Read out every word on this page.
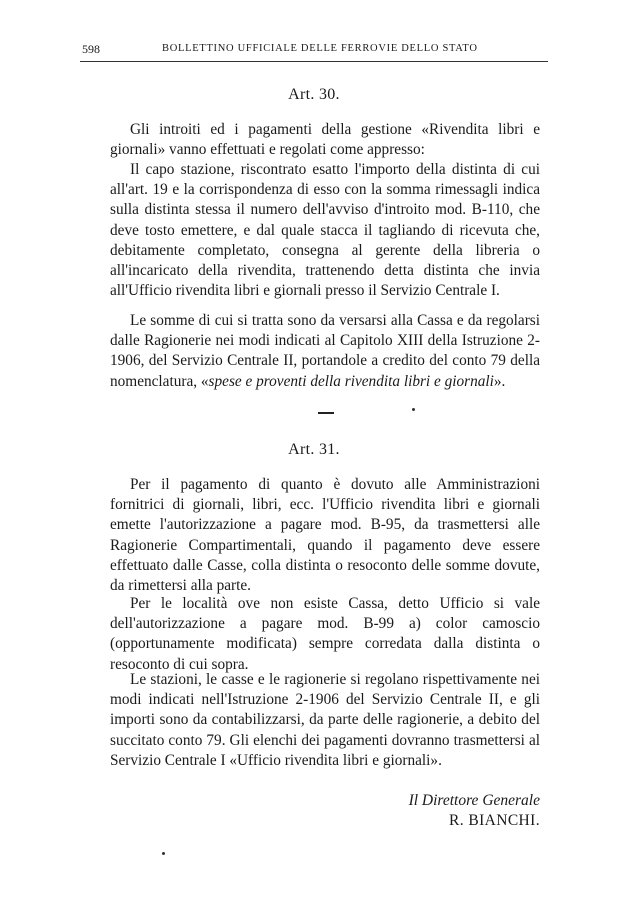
598	BOLLETTINO UFFICIALE DELLE FERROVIE DELLO STATO
Art. 30.
Gli introiti ed i pagamenti della gestione «Rivendita libri e giornali» vanno effettuati e regolati come appresso:
Il capo stazione, riscontrato esatto l'importo della distinta di cui all'art. 19 e la corrispondenza di esso con la somma rimessagli indica sulla distinta stessa il numero dell'avviso d'introito mod. B-110, che deve tosto emettere, e dal quale stacca il tagliando di ricevuta che, debitamente completato, consegna al gerente della libreria o all'incaricato della rivendita, trattenendo detta distinta che invia all'Ufficio rivendita libri e giornali presso il Servizio Centrale I.
Le somme di cui si tratta sono da versarsi alla Cassa e da regolarsi dalle Ragionerie nei modi indicati al Capitolo XIII della Istruzione 2-1906, del Servizio Centrale II, portandole a credito del conto 79 della nomenclatura, «spese e proventi della rivendita libri e giornali».
Art. 31.
Per il pagamento di quanto è dovuto alle Amministrazioni fornitrici di giornali, libri, ecc. l'Ufficio rivendita libri e giornali emette l'autorizzazione a pagare mod. B-95, da trasmettersi alle Ragionerie Compartimentali, quando il pagamento deve essere effettuato dalle Casse, colla distinta o resoconto delle somme dovute, da rimettersi alla parte.
Per le località ove non esiste Cassa, detto Ufficio si vale dell'autorizzazione a pagare mod. B-99 a) color camoscio (opportunamente modificata) sempre corredata dalla distinta o resoconto di cui sopra.
Le stazioni, le casse e le ragionerie si regolano rispettivamente nei modi indicati nell'Istruzione 2-1906 del Servizio Centrale II, e gli importi sono da contabilizzarsi, da parte delle ragionerie, a debito del succitato conto 79. Gli elenchi dei pagamenti dovranno trasmettersi al Servizio Centrale I «Ufficio rivendita libri e giornali».
Il Direttore Generale
R. BIANCHI.
